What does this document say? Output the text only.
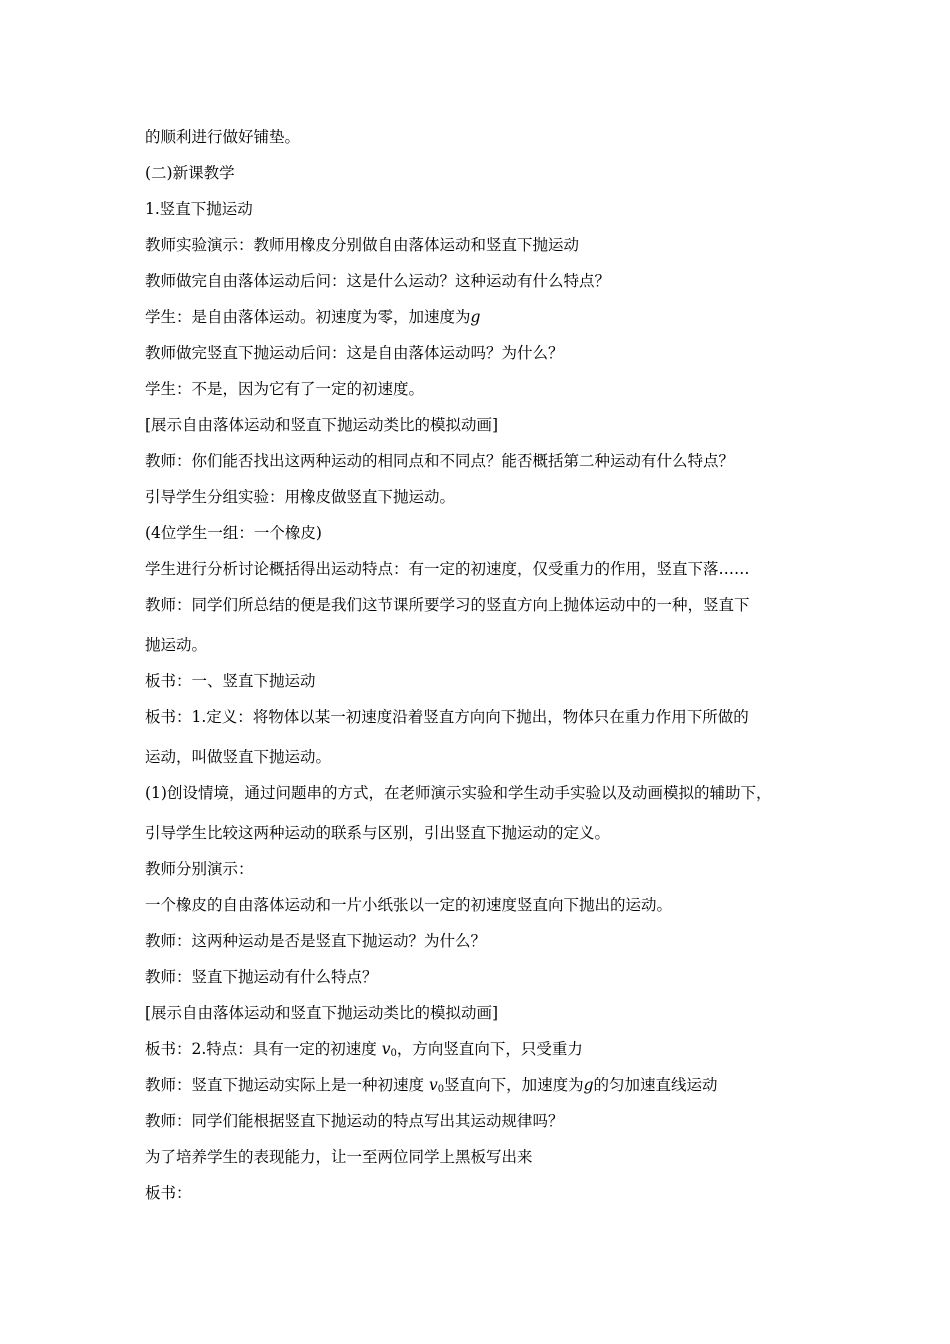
的顺利进行做好铺垫。
(二)新课教学
1.竖直下抛运动
教师实验演示：教师用橡皮分别做自由落体运动和竖直下抛运动
教师做完自由落体运动后问：这是什么运动？这种运动有什么特点？
学生：是自由落体运动。初速度为零，加速度为g
教师做完竖直下抛运动后问：这是自由落体运动吗？为什么？
学生：不是，因为它有了一定的初速度。
[展示自由落体运动和竖直下抛运动类比的模拟动画]
教师：你们能否找出这两种运动的相同点和不同点？能否概括第二种运动有什么特点？
引导学生分组实验：用橡皮做竖直下抛运动。
(4位学生一组：一个橡皮)
学生进行分析讨论概括得出运动特点：有一定的初速度，仅受重力的作用，竖直下落……
教师：同学们所总结的便是我们这节课所要学习的竖直方向上抛体运动中的一种，竖直下
抛运动。
板书：一、竖直下抛运动
板书：1.定义：将物体以某一初速度沿着竖直方向向下抛出，物体只在重力作用下所做的
运动，叫做竖直下抛运动。
(1)创设情境，通过问题串的方式，在老师演示实验和学生动手实验以及动画模拟的辅助下，
引导学生比较这两种运动的联系与区别，引出竖直下抛运动的定义。
教师分别演示：
一个橡皮的自由落体运动和一片小纸张以一定的初速度竖直向下抛出的运动。
教师：这两种运动是否是竖直下抛运动？为什么？
教师：竖直下抛运动有什么特点？
[展示自由落体运动和竖直下抛运动类比的模拟动画]
板书：2.特点：具有一定的初速度 $v_0$，方向竖直向下，只受重力
教师：竖直下抛运动实际上是一种初速度 $v_0$竖直向下，加速度为g的匀加速直线运动
教师：同学们能根据竖直下抛运动的特点写出其运动规律吗？
为了培养学生的表现能力，让一至两位同学上黑板写出来
板书：
